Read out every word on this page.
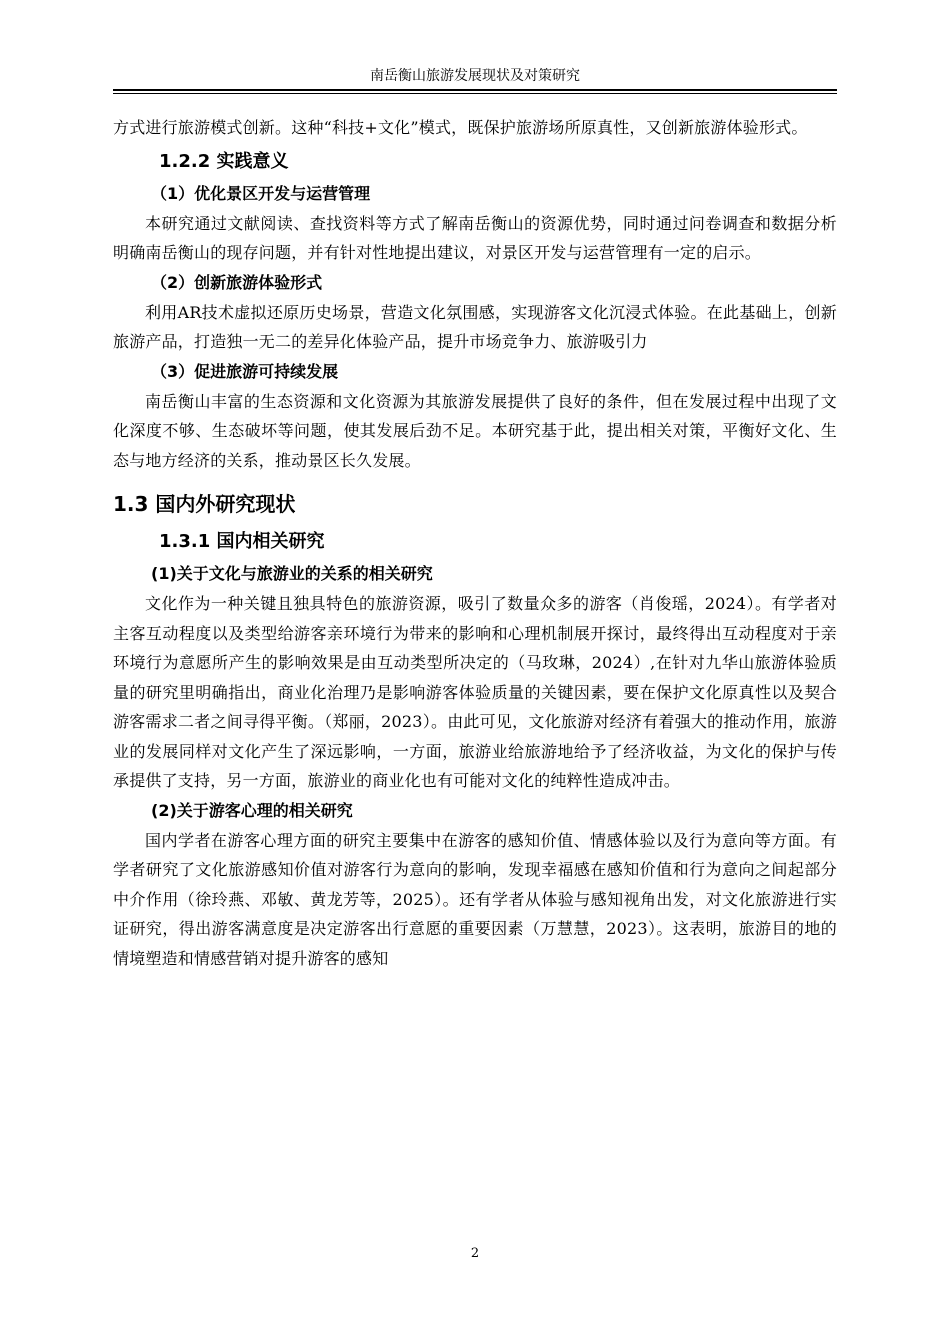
南岳衡山旅游发展现状及对策研究

方式进行旅游模式创新。这种“科技+文化”模式，既保护旅游场所原真性，又创新旅游体验形式。

1.2.2 实践意义
（1）优化景区开发与运营管理

本研究通过文献阅读、查找资料等方式了解南岳衡山的资源优势，同时通过问卷调查和数据分析明确南岳衡山的现存问题，并有针对性地提出建议，对景区开发与运营管理有一定的启示。

（2）创新旅游体验形式

利用AR技术虚拟还原历史场景，营造文化氛围感，实现游客文化沉浸式体验。在此基础上，创新旅游产品，打造独一无二的差异化体验产品，提升市场竞争力、旅游吸引力

（3）促进旅游可持续发展

南岳衡山丰富的生态资源和文化资源为其旅游发展提供了良好的条件，但在发展过程中出现了文化深度不够、生态破坏等问题，使其发展后劲不足。本研究基于此，提出相关对策，平衡好文化、生态与地方经济的关系，推动景区长久发展。

1.3 国内外研究现状
1.3.1 国内相关研究
(1)关于文化与旅游业的关系的相关研究

文化作为一种关键且独具特色的旅游资源，吸引了数量众多的游客（肖俊瑶，2024）。有学者对主客互动程度以及类型给游客亲环境行为带来的影响和心理机制展开探讨，最终得出互动程度对于亲环境行为意愿所产生的影响效果是由互动类型所决定的（马玫琳，2024）,在针对九华山旅游体验质量的研究里明确指出，商业化治理乃是影响游客体验质量的关键因素，要在保护文化原真性以及契合游客需求二者之间寻得平衡。（郑丽，2023）。由此可见，文化旅游对经济有着强大的推动作用，旅游业的发展同样对文化产生了深远影响，一方面，旅游业给旅游地给予了经济收益，为文化的保护与传承提供了支持，另一方面，旅游业的商业化也有可能对文化的纯粹性造成冲击。

(2)关于游客心理的相关研究

国内学者在游客心理方面的研究主要集中在游客的感知价值、情感体验以及行为意向等方面。有学者研究了文化旅游感知价值对游客行为意向的影响，发现幸福感在感知价值和行为意向之间起部分中介作用（徐玲燕、邓敏、黄龙芳等，2025）。还有学者从体验与感知视角出发，对文化旅游进行实证研究，得出游客满意度是决定游客出行意愿的重要因素（万慧慧，2023）。这表明，旅游目的地的情境塑造和情感营销对提升游客的感知

2
